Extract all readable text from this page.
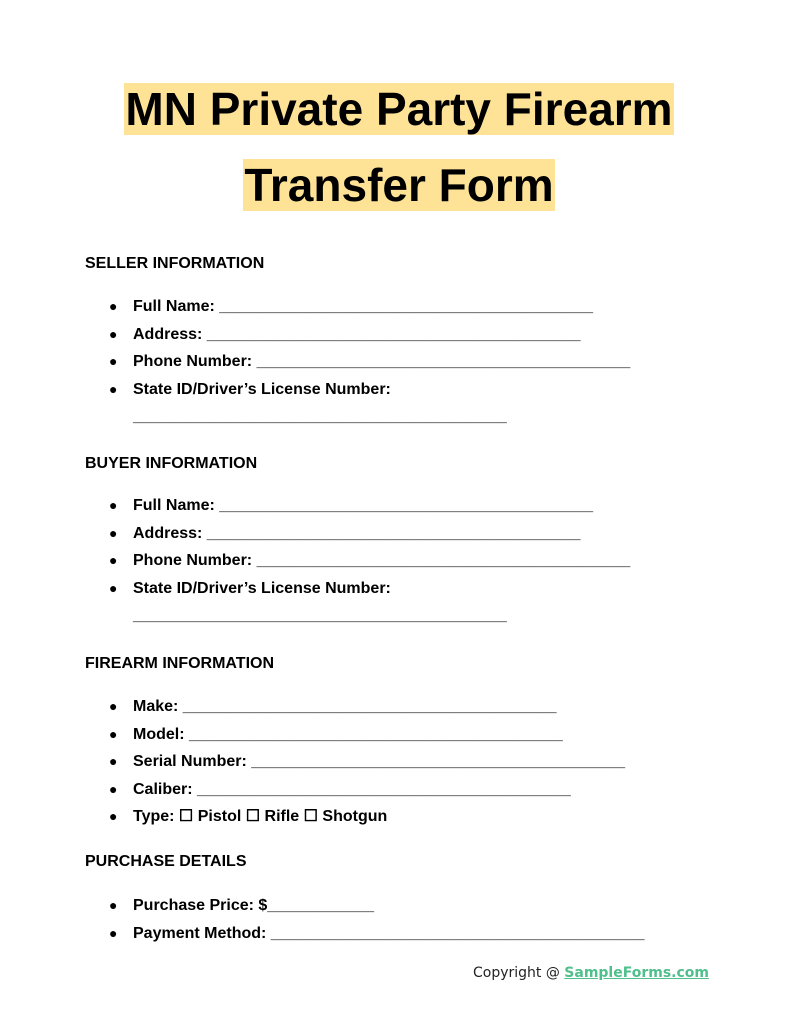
MN Private Party Firearm
Transfer Form
SELLER INFORMATION
● Full Name: __________________________________________
● Address: __________________________________________
● Phone Number: __________________________________________
● State ID/Driver’s License Number:
__________________________________________
BUYER INFORMATION
● Full Name: __________________________________________
● Address: __________________________________________
● Phone Number: __________________________________________
● State ID/Driver’s License Number:
__________________________________________
FIREARM INFORMATION
● Make: __________________________________________
● Model: __________________________________________
● Serial Number: __________________________________________
● Caliber: __________________________________________
● Type: ☐ Pistol ☐ Rifle ☐ Shotgun
PURCHASE DETAILS
● Purchase Price: $____________
● Payment Method: __________________________________________
Copyright @ SampleForms.com
